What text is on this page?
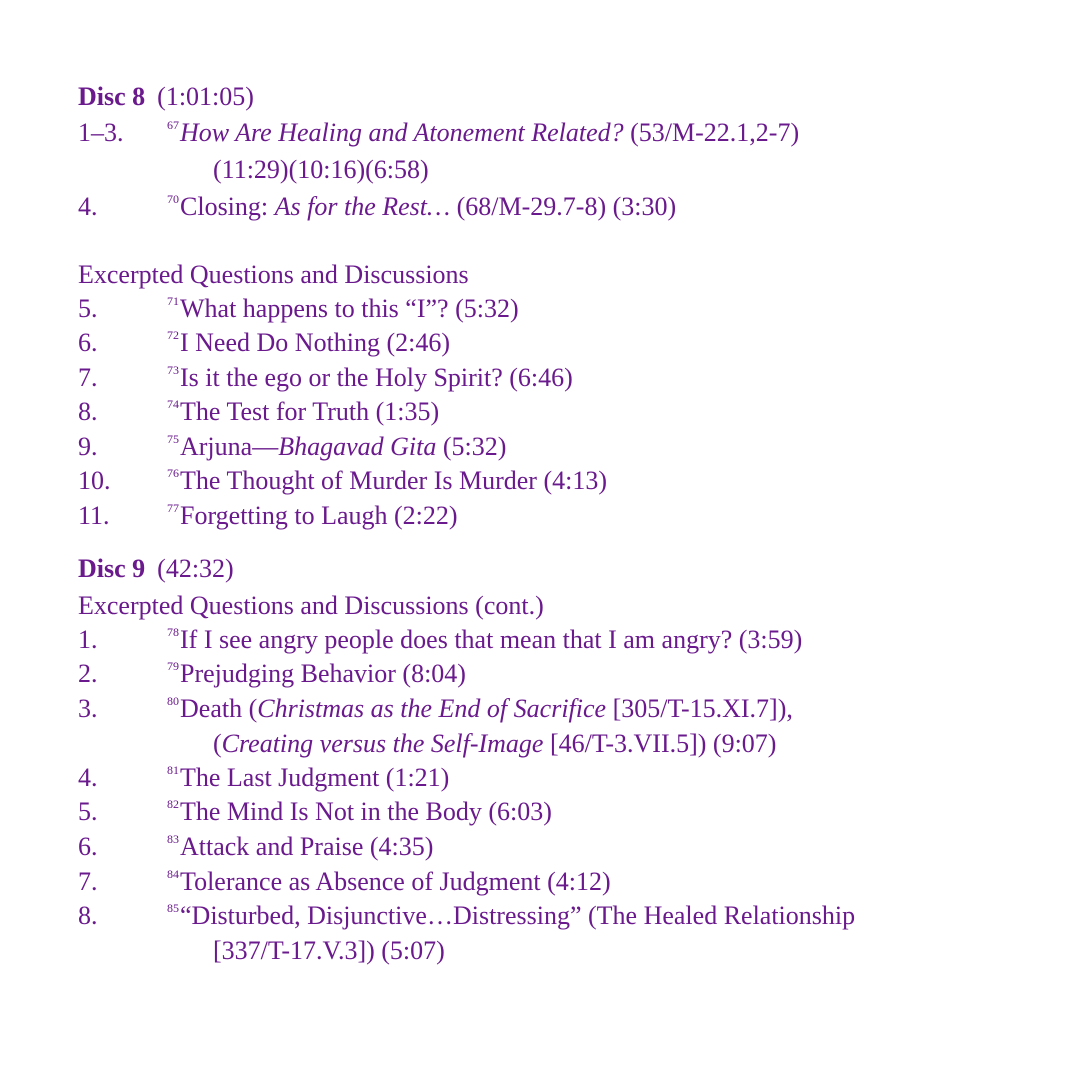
Disc 8 (1:01:05)
1–3.	$^{67}$How Are Healing and Atonement Related? (53/M-22.1,2-7)
(11:29)(10:16)(6:58)
4.	$^{70}$Closing: As for the Rest… (68/M-29.7-8) (3:30)
Excerpted Questions and Discussions
5.	$^{71}$What happens to this “I”? (5:32)
6.	$^{72}$I Need Do Nothing (2:46)
7.	$^{73}$Is it the ego or the Holy Spirit? (6:46)
8.	$^{74}$The Test for Truth (1:35)
9.	$^{75}$Arjuna—Bhagavad Gita (5:32)
10.	$^{76}$The Thought of Murder Is Murder (4:13)
11.	$^{77}$Forgetting to Laugh (2:22)
Disc 9 (42:32)
Excerpted Questions and Discussions (cont.)
1.	$^{78}$If I see angry people does that mean that I am angry? (3:59)
2.	$^{79}$Prejudging Behavior (8:04)
3.	$^{80}$Death (Christmas as the End of Sacrifice [305/T-15.XI.7]),
(Creating versus the Self-Image [46/T-3.VII.5]) (9:07)
4.	$^{81}$The Last Judgment (1:21)
5.	$^{82}$The Mind Is Not in the Body (6:03)
6.	$^{83}$Attack and Praise (4:35)
7.	$^{84}$Tolerance as Absence of Judgment (4:12)
8.	$^{85}$“Disturbed, Disjunctive…Distressing” (The Healed Relationship
[337/T-17.V.3]) (5:07)
